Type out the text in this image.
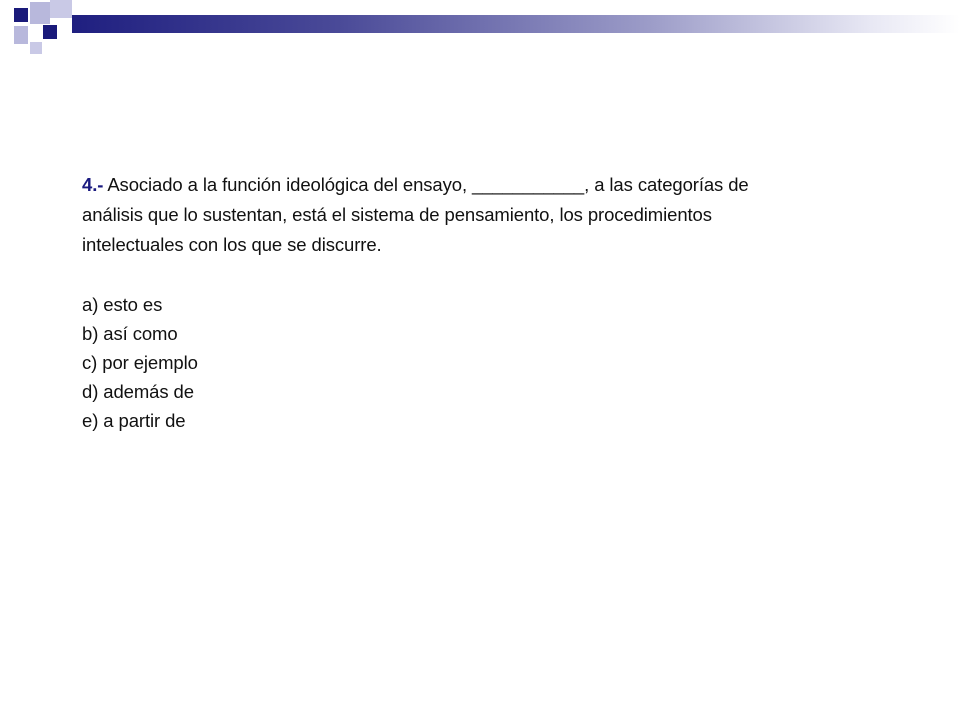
4.- Asociado a la función ideológica del ensayo, ___________, a las categorías de análisis que lo sustentan, está el sistema de pensamiento, los procedimientos intelectuales con los que se discurre.

a) esto es
b) así como
c) por ejemplo
d) además de
e) a partir de
